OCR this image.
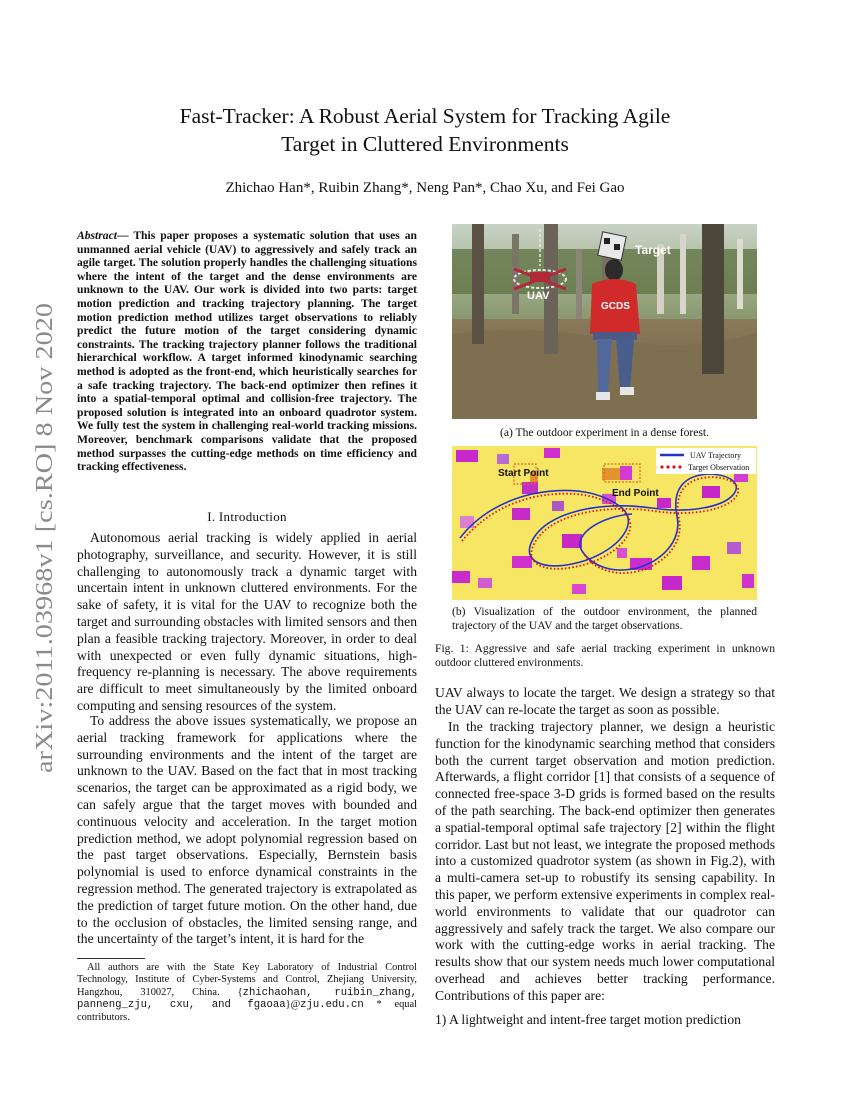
arXiv:2011.03968v1 [cs.RO] 8 Nov 2020
Fast-Tracker: A Robust Aerial System for Tracking Agile
Target in Cluttered Environments
Zhichao Han*, Ruibin Zhang*, Neng Pan*, Chao Xu, and Fei Gao
Abstract— This paper proposes a systematic solution that uses an unmanned aerial vehicle (UAV) to aggressively and safely track an agile target. The solution properly handles the challenging situations where the intent of the target and the dense environments are unknown to the UAV. Our work is divided into two parts: target motion prediction and tracking trajectory planning. The target motion prediction method utilizes target observations to reliably predict the future motion of the target considering dynamic constraints. The tracking trajectory planner follows the traditional hierarchical workflow. A target informed kinodynamic searching method is adopted as the front-end, which heuristically searches for a safe tracking trajectory. The back-end optimizer then refines it into a spatial-temporal optimal and collision-free trajectory. The proposed solution is integrated into an onboard quadrotor system. We fully test the system in challenging real-world tracking missions. Moreover, benchmark comparisons validate that the proposed method surpasses the cutting-edge methods on time efficiency and tracking effectiveness.
I. Introduction
Autonomous aerial tracking is widely applied in aerial photography, surveillance, and security. However, it is still challenging to autonomously track a dynamic target with uncertain intent in unknown cluttered environments. For the sake of safety, it is vital for the UAV to recognize both the target and surrounding obstacles with limited sensors and then plan a feasible tracking trajectory. Moreover, in order to deal with unexpected or even fully dynamic situations, high-frequency re-planning is necessary. The above requirements are difficult to meet simultaneously by the limited onboard computing and sensing resources of the system.
To address the above issues systematically, we propose an aerial tracking framework for applications where the surrounding environments and the intent of the target are unknown to the UAV. Based on the fact that in most tracking scenarios, the target can be approximated as a rigid body, we can safely argue that the target moves with bounded and continuous velocity and acceleration. In the target motion prediction method, we adopt polynomial regression based on the past target observations. Especially, Bernstein basis polynomial is used to enforce dynamical constraints in the regression method. The generated trajectory is extrapolated as the prediction of target future motion. On the other hand, due to the occlusion of obstacles, the limited sensing range, and the uncertainty of the target’s intent, it is hard for the
All authors are with the State Key Laboratory of Industrial Control Technology, Institute of Cyber-Systems and Control, Zhejiang University, Hangzhou, 310027, China. {zhichaohan, ruibin_zhang, panneng_zju, cxu, and fgaoaa}@zju.edu.cn * equal contributors.
UAV
GCDS
Target
(a) The outdoor experiment in a dense forest.
Start Point
End Point
UAV Trajectory
Target Observation
(b) Visualization of the outdoor environment, the planned trajectory of the UAV and the target observations.
Fig. 1: Aggressive and safe aerial tracking experiment in unknown outdoor cluttered environments.
UAV always to locate the target. We design a strategy so that the UAV can re-locate the target as soon as possible.
In the tracking trajectory planner, we design a heuristic function for the kinodynamic searching method that considers both the current target observation and motion prediction. Afterwards, a flight corridor [1] that consists of a sequence of connected free-space 3-D grids is formed based on the results of the path searching. The back-end optimizer then generates a spatial-temporal optimal safe trajectory [2] within the flight corridor. Last but not least, we integrate the proposed methods into a customized quadrotor system (as shown in Fig.2), with a multi-camera set-up to robustify its sensing capability. In this paper, we perform extensive experiments in complex real-world environments to validate that our quadrotor can aggressively and safely track the target. We also compare our work with the cutting-edge works in aerial tracking. The results show that our system needs much lower computational overhead and achieves better tracking performance. Contributions of this paper are:
1) A lightweight and intent-free target motion prediction
